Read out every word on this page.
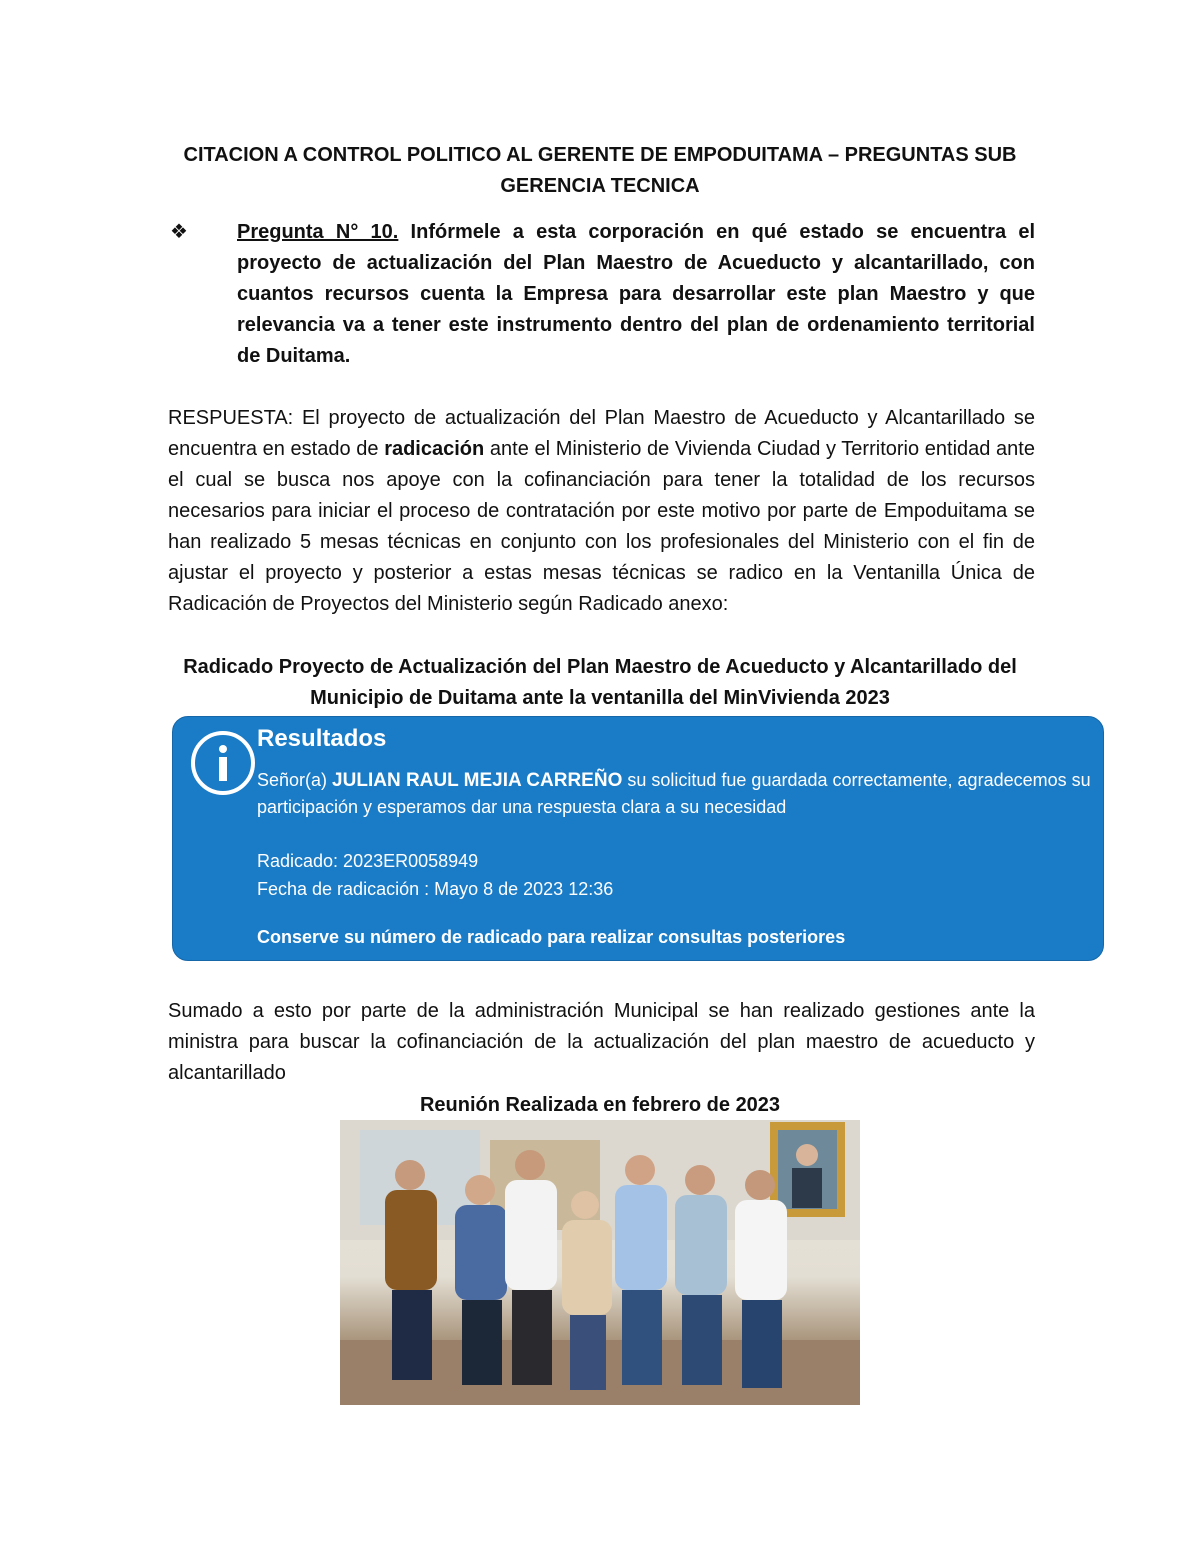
CITACION A CONTROL POLITICO AL GERENTE DE EMPODUITAMA – PREGUNTAS SUB GERENCIA TECNICA
❖ Pregunta N° 10. Infórmele a esta corporación en qué estado se encuentra el proyecto de actualización del Plan Maestro de Acueducto y alcantarillado, con cuantos recursos cuenta la Empresa para desarrollar este plan Maestro y que relevancia va a tener este instrumento dentro del plan de ordenamiento territorial de Duitama.
RESPUESTA: El proyecto de actualización del Plan Maestro de Acueducto y Alcantarillado se encuentra en estado de radicación ante el Ministerio de Vivienda Ciudad y Territorio entidad ante el cual se busca nos apoye con la cofinanciación para tener la totalidad de los recursos necesarios para iniciar el proceso de contratación por este motivo por parte de Empoduitama se han realizado 5 mesas técnicas en conjunto con los profesionales del Ministerio con el fin de ajustar el proyecto y posterior a estas mesas técnicas se radico en la Ventanilla Única de Radicación de Proyectos del Ministerio según Radicado anexo:
Radicado Proyecto de Actualización del Plan Maestro de Acueducto y Alcantarillado del Municipio de Duitama ante la ventanilla del MinVivienda 2023
Resultados
Señor(a) JULIAN RAUL MEJIA CARREÑO su solicitud fue guardada correctamente, agradecemos su participación y esperamos dar una respuesta clara a su necesidad
Radicado: 2023ER0058949
Fecha de radicación : Mayo 8 de 2023 12:36
Conserve su número de radicado para realizar consultas posteriores
Sumado a esto por parte de la administración Municipal se han realizado gestiones ante la ministra para buscar la cofinanciación de la actualización del plan maestro de acueducto y alcantarillado
Reunión Realizada en febrero de 2023
